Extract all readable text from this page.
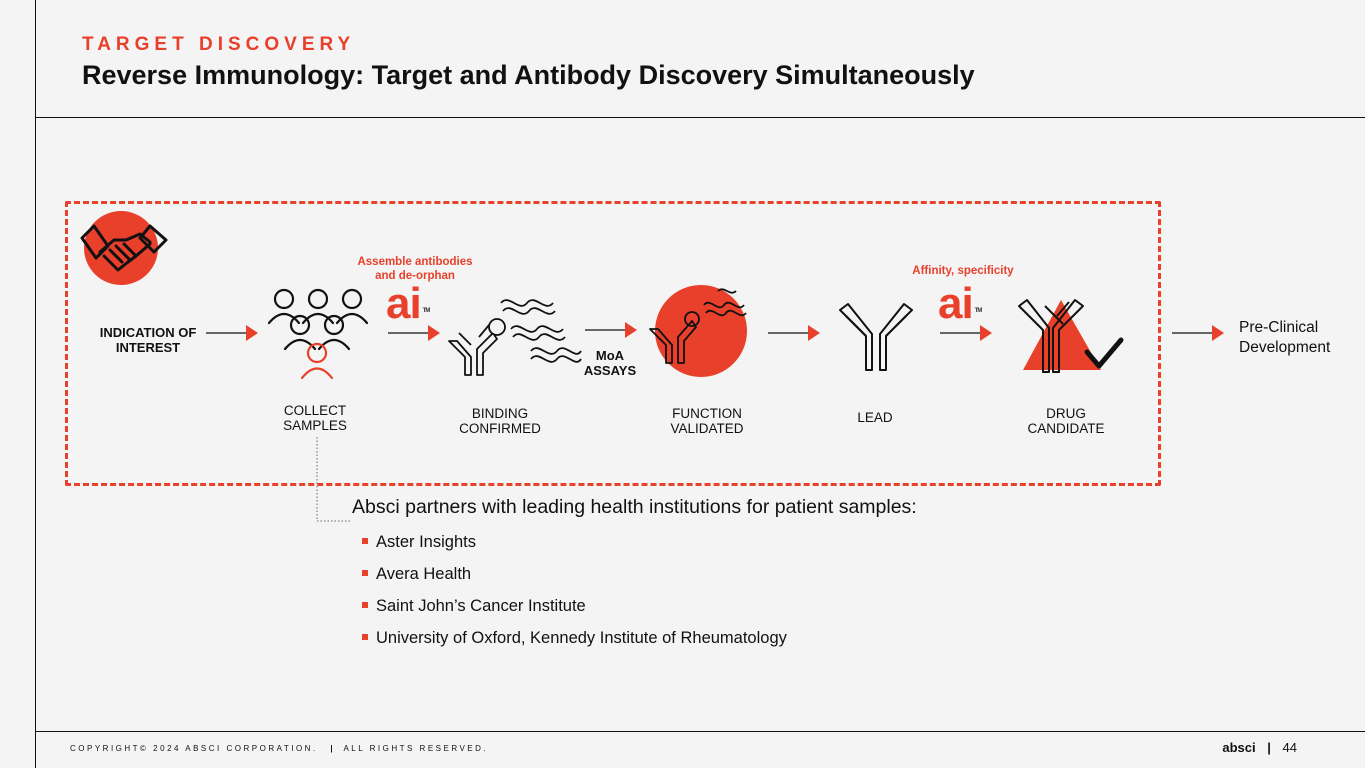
TARGET DISCOVERY
Reverse Immunology: Target and Antibody Discovery Simultaneously
INDICATION OF
INTEREST
COLLECT
SAMPLES
Assemble antibodies
and de-orphan
ai TM
BINDING
CONFIRMED
MoA
ASSAYS
FUNCTION
VALIDATED
LEAD
Affinity, specificity
ai TM
DRUG
CANDIDATE
Pre-Clinical
Development
Absci partners with leading health institutions for patient samples:
Aster Insights
Avera Health
Saint John’s Cancer Institute
University of Oxford, Kennedy Institute of Rheumatology
COPYRIGHT© 2024 ABSCI CORPORATION. | ALL RIGHTS RESERVED.	absci | 44
